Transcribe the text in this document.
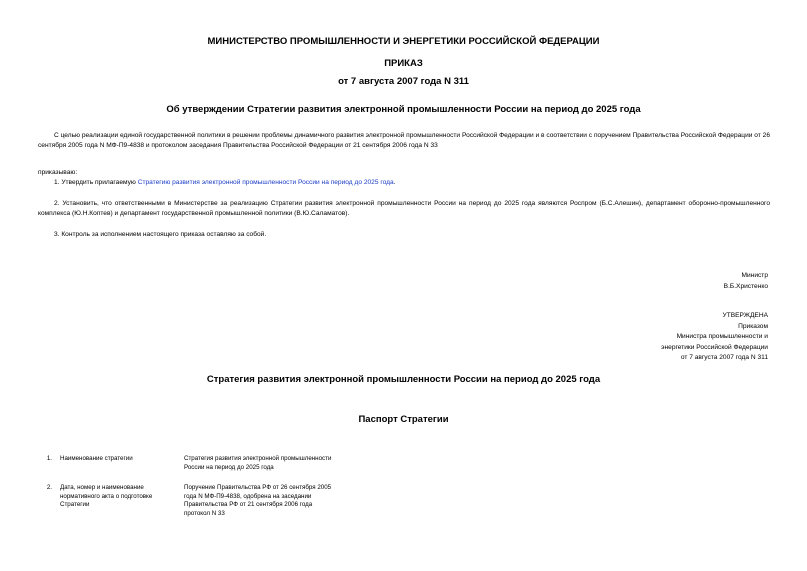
МИНИСТЕРСТВО ПРОМЫШЛЕННОСТИ И ЭНЕРГЕТИКИ РОССИЙСКОЙ ФЕДЕРАЦИИ
ПРИКАЗ
от 7 августа 2007 года N 311
Об утверждении Стратегии развития электронной промышленности России на период до 2025 года
С целью реализации единой государственной политики в решении проблемы динамичного развития электронной промышленности Российской Федерации и в соответствии с поручением Правительства Российской Федерации от 26 сентября 2005 года N МФ-П9-4838 и протоколом заседания Правительства Российской Федерации от 21 сентября 2006 года N 33
приказываю:
1. Утвердить прилагаемую Стратегию развития электронной промышленности России на период до 2025 года.
2. Установить, что ответственными в Министерстве за реализацию Стратегии развития электронной промышленности России на период до 2025 года являются Роспром (Б.С.Алешин), департамент оборонно-промышленного комплекса (Ю.Н.Коптев) и департамент государственной промышленной политики (В.Ю.Саламатов).
3. Контроль за исполнением настоящего приказа оставляю за собой.
Министр
В.Б.Христенко
УТВЕРЖДЕНА
Приказом
Министра промышленности и
энергетики Российской Федерации
от 7 августа 2007 года N 311
Стратегия развития электронной промышленности России на период до 2025 года
Паспорт Стратегии
1. Наименование стратегии	Стратегия развития электронной промышленности России на период до 2025 года
2. Дата, номер и наименование нормативного акта о подготовке Стратегии
Поручение Правительства РФ от 26 сентября 2005 года N МФ-П9-4838, одобрена на заседании Правительства РФ от 21 сентября 2006 года протокол N 33
